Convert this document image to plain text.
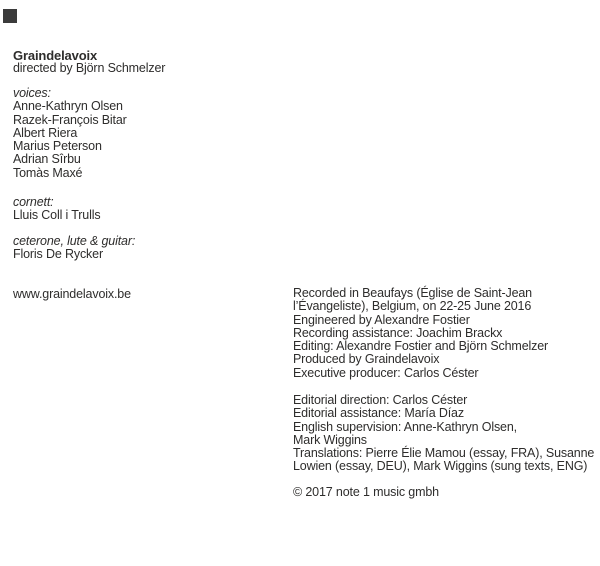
Graindelavoix
directed by Björn Schmelzer
voices:
Anne-Kathryn Olsen
Razek-François Bitar
Albert Riera
Marius Peterson
Adrian Sîrbu
Tomàs Maxé
cornett:
Lluis Coll i Trulls
ceterone, lute & guitar:
Floris De Rycker
www.graindelavoix.be	Recorded in Beaufays (Église de Saint-Jean
l’Évangeliste), Belgium, on 22-25 June 2016
Engineered by Alexandre Fostier
Recording assistance: Joachim Brackx
Editing: Alexandre Fostier and Björn Schmelzer
Produced by Graindelavoix
Executive producer: Carlos Céster
Editorial direction: Carlos Céster
Editorial assistance: María Díaz
English supervision: Anne-Kathryn Olsen,
Mark Wiggins
Translations: Pierre Élie Mamou (essay, FRA), Susanne
Lowien (essay, DEU), Mark Wiggins (sung texts, ENG)
© 2017 note 1 music gmbh
